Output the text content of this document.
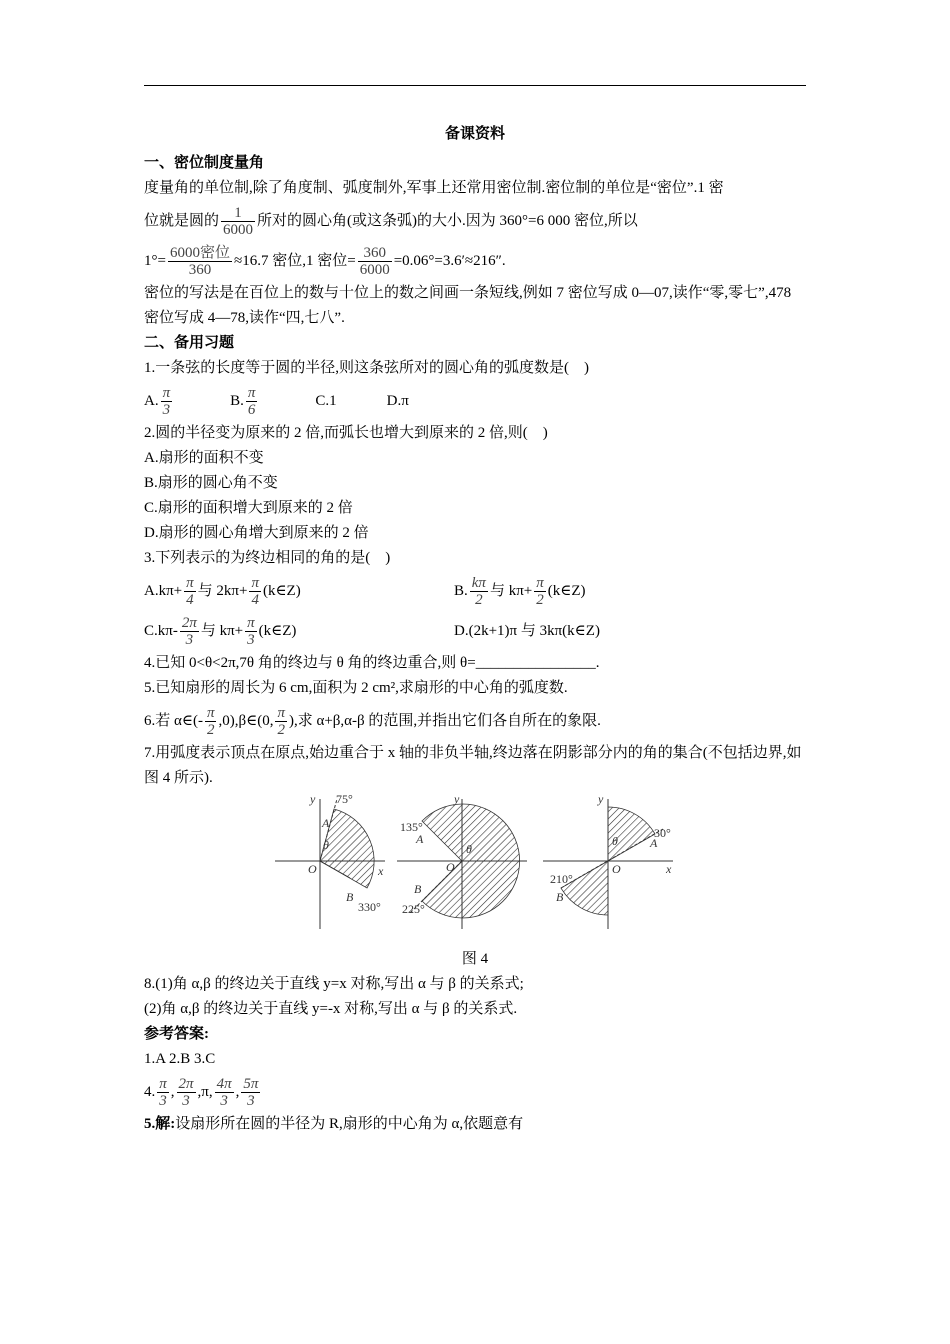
备课资料

一、密位制度量角

度量角的单位制,除了角度制、弧度制外,军事上还常用密位制.密位制的单位是“密位”.1 密

位就是圆的 $\frac{1}{6000}$ 所对的圆心角(或这条弧)的大小.因为 360°=6 000 密位,所以

$1^\circ= \frac{\text{6000密位}}{360} \approx 16.7$ 密位,1 密位= $\frac{360}{6000} =0.06^\circ=3.6'\approx 216''$.

密位的写法是在百位上的数与十位上的数之间画一条短线,例如 7 密位写成 0—07,读作“零,零七”,478 密位写成 4—78,读作“四,七八”.

二、备用习题

1.一条弦的长度等于圆的半径,则这条弦所对的圆心角的弧度数是(　)

A. $\frac{\pi}{3}$	B. $\frac{\pi}{6}$	C.1	D.π

2.圆的半径变为原来的 2 倍,而弧长也增大到原来的 2 倍,则(　)

A.扇形的面积不变

B.扇形的圆心角不变

C.扇形的面积增大到原来的 2 倍

D.扇形的圆心角增大到原来的 2 倍

3.下列表示的为终边相同的角的是(　)

$A.k\pi+ \frac{\pi}{4}$ 与 $2k\pi+ \frac{\pi}{4}$ (k∈Z)	B. $\frac{k\pi}{2}$ 与 $k\pi+ \frac{\pi}{2}$ (k∈Z)
$C.k\pi- \frac{2\pi}{3}$ 与 $k\pi+ \frac{\pi}{3}$ (k∈Z)	D.(2k+1)π 与 3kπ(k∈Z)

4.已知 0<θ<2π,7θ 角的终边与 θ 角的终边重合,则 θ=________________.

5.已知扇形的周长为 6 cm,面积为 2 cm²,求扇形的中心角的弧度数.

6.若 α∈(- $\frac{\pi}{2}$ ,0),β∈(0, $\frac{\pi}{2}$ ),求 α+β,α-β 的范围,并指出它们各自所在的象限.

7.用弧度表示顶点在原点,始边重合于 x 轴的非负半轴,终边落在阴影部分内的角的集合(不包括边界,如图 4 所示).

y
x
O
A
75°
B
330°
θ
y
O
135°
A
B
225°
θ
y
x
O
A
30°
210°
B
θ

图 4

8.(1)角 α,β 的终边关于直线 y=x 对称,写出 α 与 β 的关系式;

(2)角 α,β 的终边关于直线 y=-x 对称,写出 α 与 β 的关系式.

参考答案:

1.A 2.B 3.C

4. $\frac{\pi}{3}$ , $\frac{2\pi}{3} ,\pi$, $\frac{4\pi}{3}$ , $\frac{5\pi}{3}$

5.解:设扇形所在圆的半径为 R,扇形的中心角为 α,依题意有
